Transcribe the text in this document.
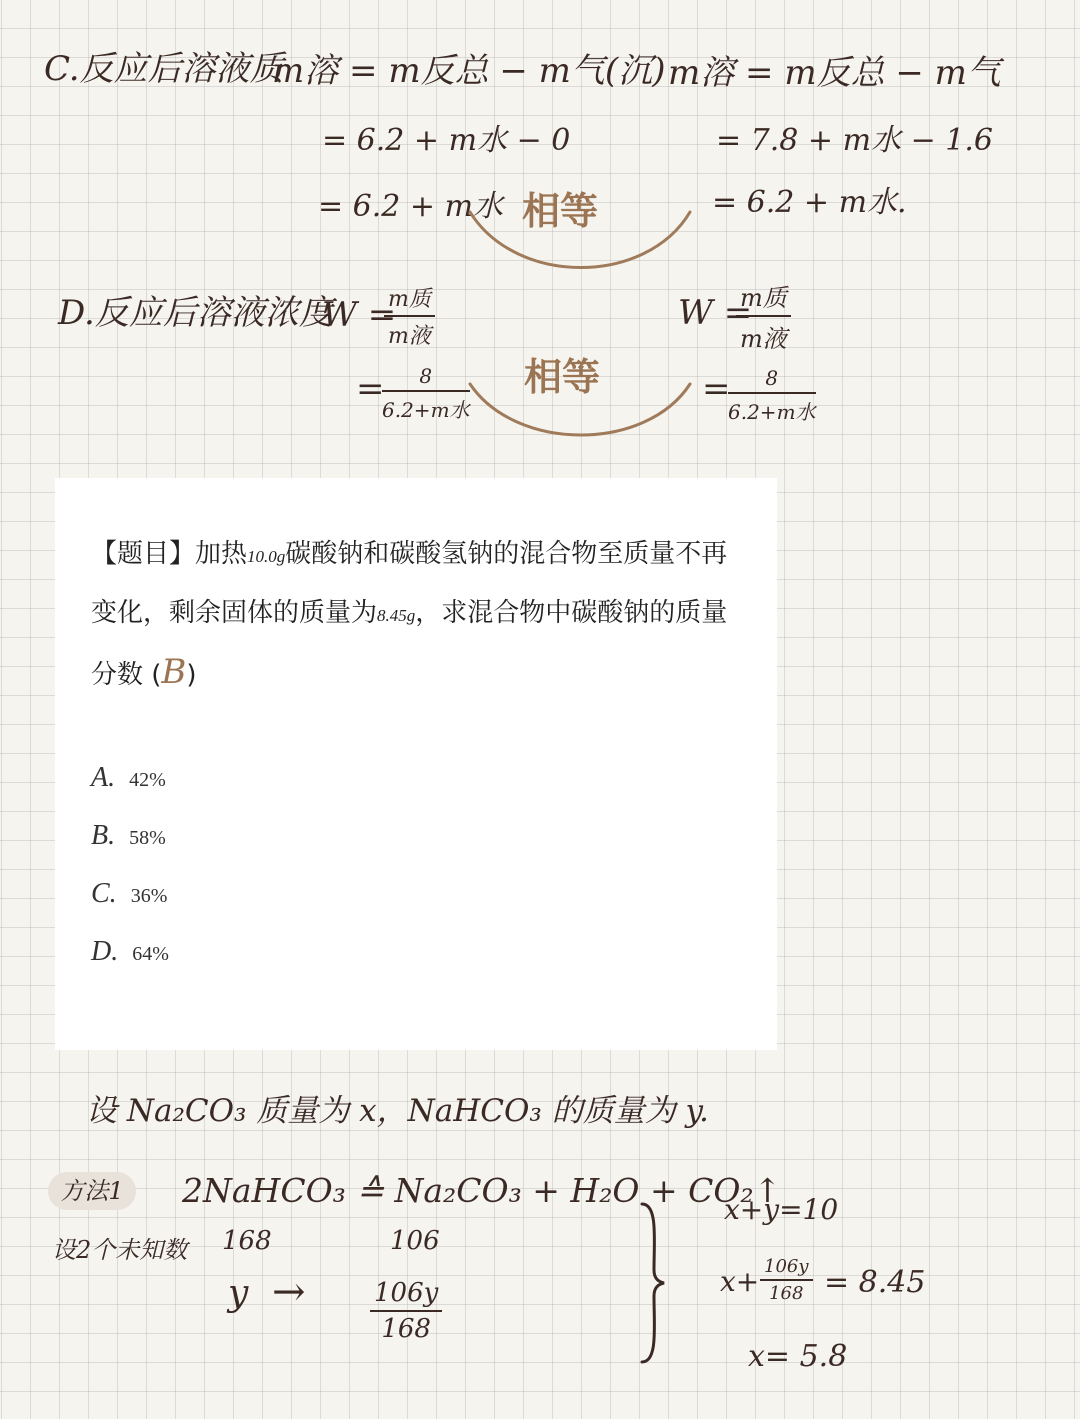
C.反应后溶液质
m溶 = m反总 − m气(沉)
= 6.2 + m水 − 0
= 6.2 + m水
m溶 = m反总 − m气
= 7.8 + m水 − 1.6
= 6.2 + m水.
相等
D.反应后溶液浓度
W =
m质
m液
=	8
6.2+m水
W =
m质
m液
=	8
6.2+m水
相等
【题目】加热10.0g碳酸钠和碳酸氢钠的混合物至质量不再变化，剩余固体的质量为8.45g，求混合物中碳酸钠的质量分数 (B)
A. 42%
B. 58%
C. 36%
D. 64%
设 Na₂CO₃ 质量为 x，NaHCO₃ 的质量为 y.
方法1
设2个未知数
2NaHCO₃ ≙ Na₂CO₃ + H₂O + CO₂↑
168	106
$y \to \frac{106y}{168}$
x+y=10
$x+ \frac{106y}{168} = 8.45$
x= 5.8
